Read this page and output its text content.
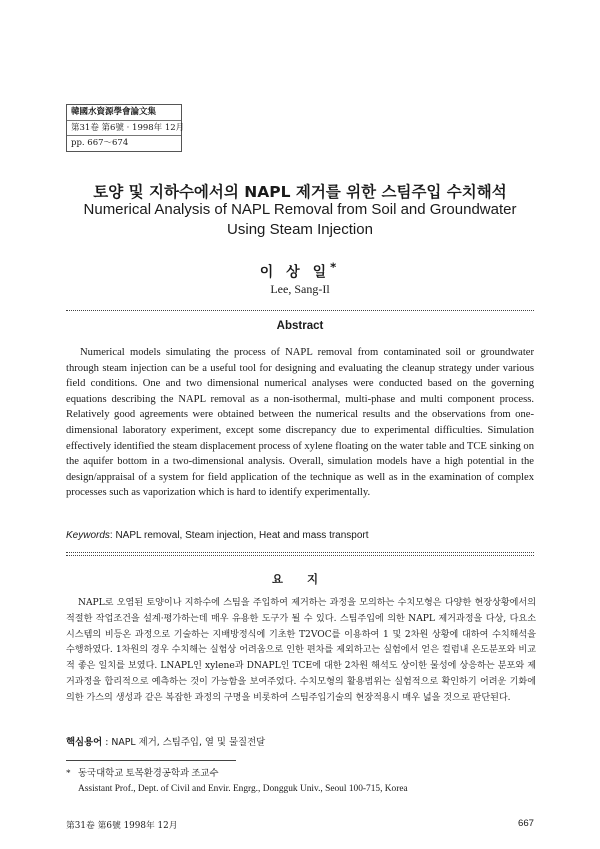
韓國水資源學會論文集
第31卷 第6號 · 1998年 12月
pp. 667～674
토양 및 지하수에서의 NAPL 제거를 위한 스팀주입 수치해석
Numerical Analysis of NAPL Removal from Soil and Groundwater Using Steam Injection
이 상 일*
Lee, Sang-Il
Abstract

Numerical models simulating the process of NAPL removal from contaminated soil or groundwater through steam injection can be a useful tool for designing and evaluating the cleanup strategy under various field conditions. One and two dimensional numerical analyses were conducted based on the governing equations describing the NAPL removal as a non-isothermal, multi-phase and multi component process. Relatively good agreements were obtained between the numerical results and the observations from one-dimensional laboratory experiment, except some discrepancy due to experimental difficulties. Simulation effectively identified the steam displacement process of xylene floating on the water table and TCE sinking on the aquifer bottom in a two-dimensional analysis. Overall, simulation models have a high potential in the design/appraisal of a system for field application of the technique as well as in the examination of complex processes such as vaporization which is hard to identify experimentally.

Keywords: NAPL removal, Steam injection, Heat and mass transport
요 지

NAPL로 오염된 토양이나 지하수에 스팀을 주입하여 제거하는 과정을 모의하는 수치모형은 다양한 현장상황에서의 적절한 작업조건을 설계·평가하는데 매우 유용한 도구가 될 수 있다. 스팀주입에 의한 NAPL 제거과정을 다상, 다요소 시스템의 비등온 과정으로 기술하는 지배방정식에 기초한 T2VOC를 이용하여 1 및 2차원 상황에 대하여 수치해석을 수행하였다. 1차원의 경우 수치해는 실험상 어려움으로 인한 편차를 제외하고는 실험에서 얻은 컬럼내 온도분포와 비교적 좋은 일치를 보였다. LNAPL인 xylene과 DNAPL인 TCE에 대한 2차원 해석도 상이한 물성에 상응하는 분포와 제거과정을 합리적으로 예측하는 것이 가능함을 보여주었다. 수치모형의 활용범위는 실험적으로 확인하기 어려운 기화에 의한 가스의 생성과 같은 복잡한 과정의 구명을 비롯하여 스팀주입기술의 현장적용시 매우 넓을 것으로 판단된다.

핵심용어 : NAPL 제거, 스팀주입, 열 및 물질전달
* 동국대학교 토목환경공학과 조교수
Assistant Prof., Dept. of Civil and Envir. Engrg., Dongguk Univ., Seoul 100-715, Korea
第31卷 第6號 1998年 12月	667
